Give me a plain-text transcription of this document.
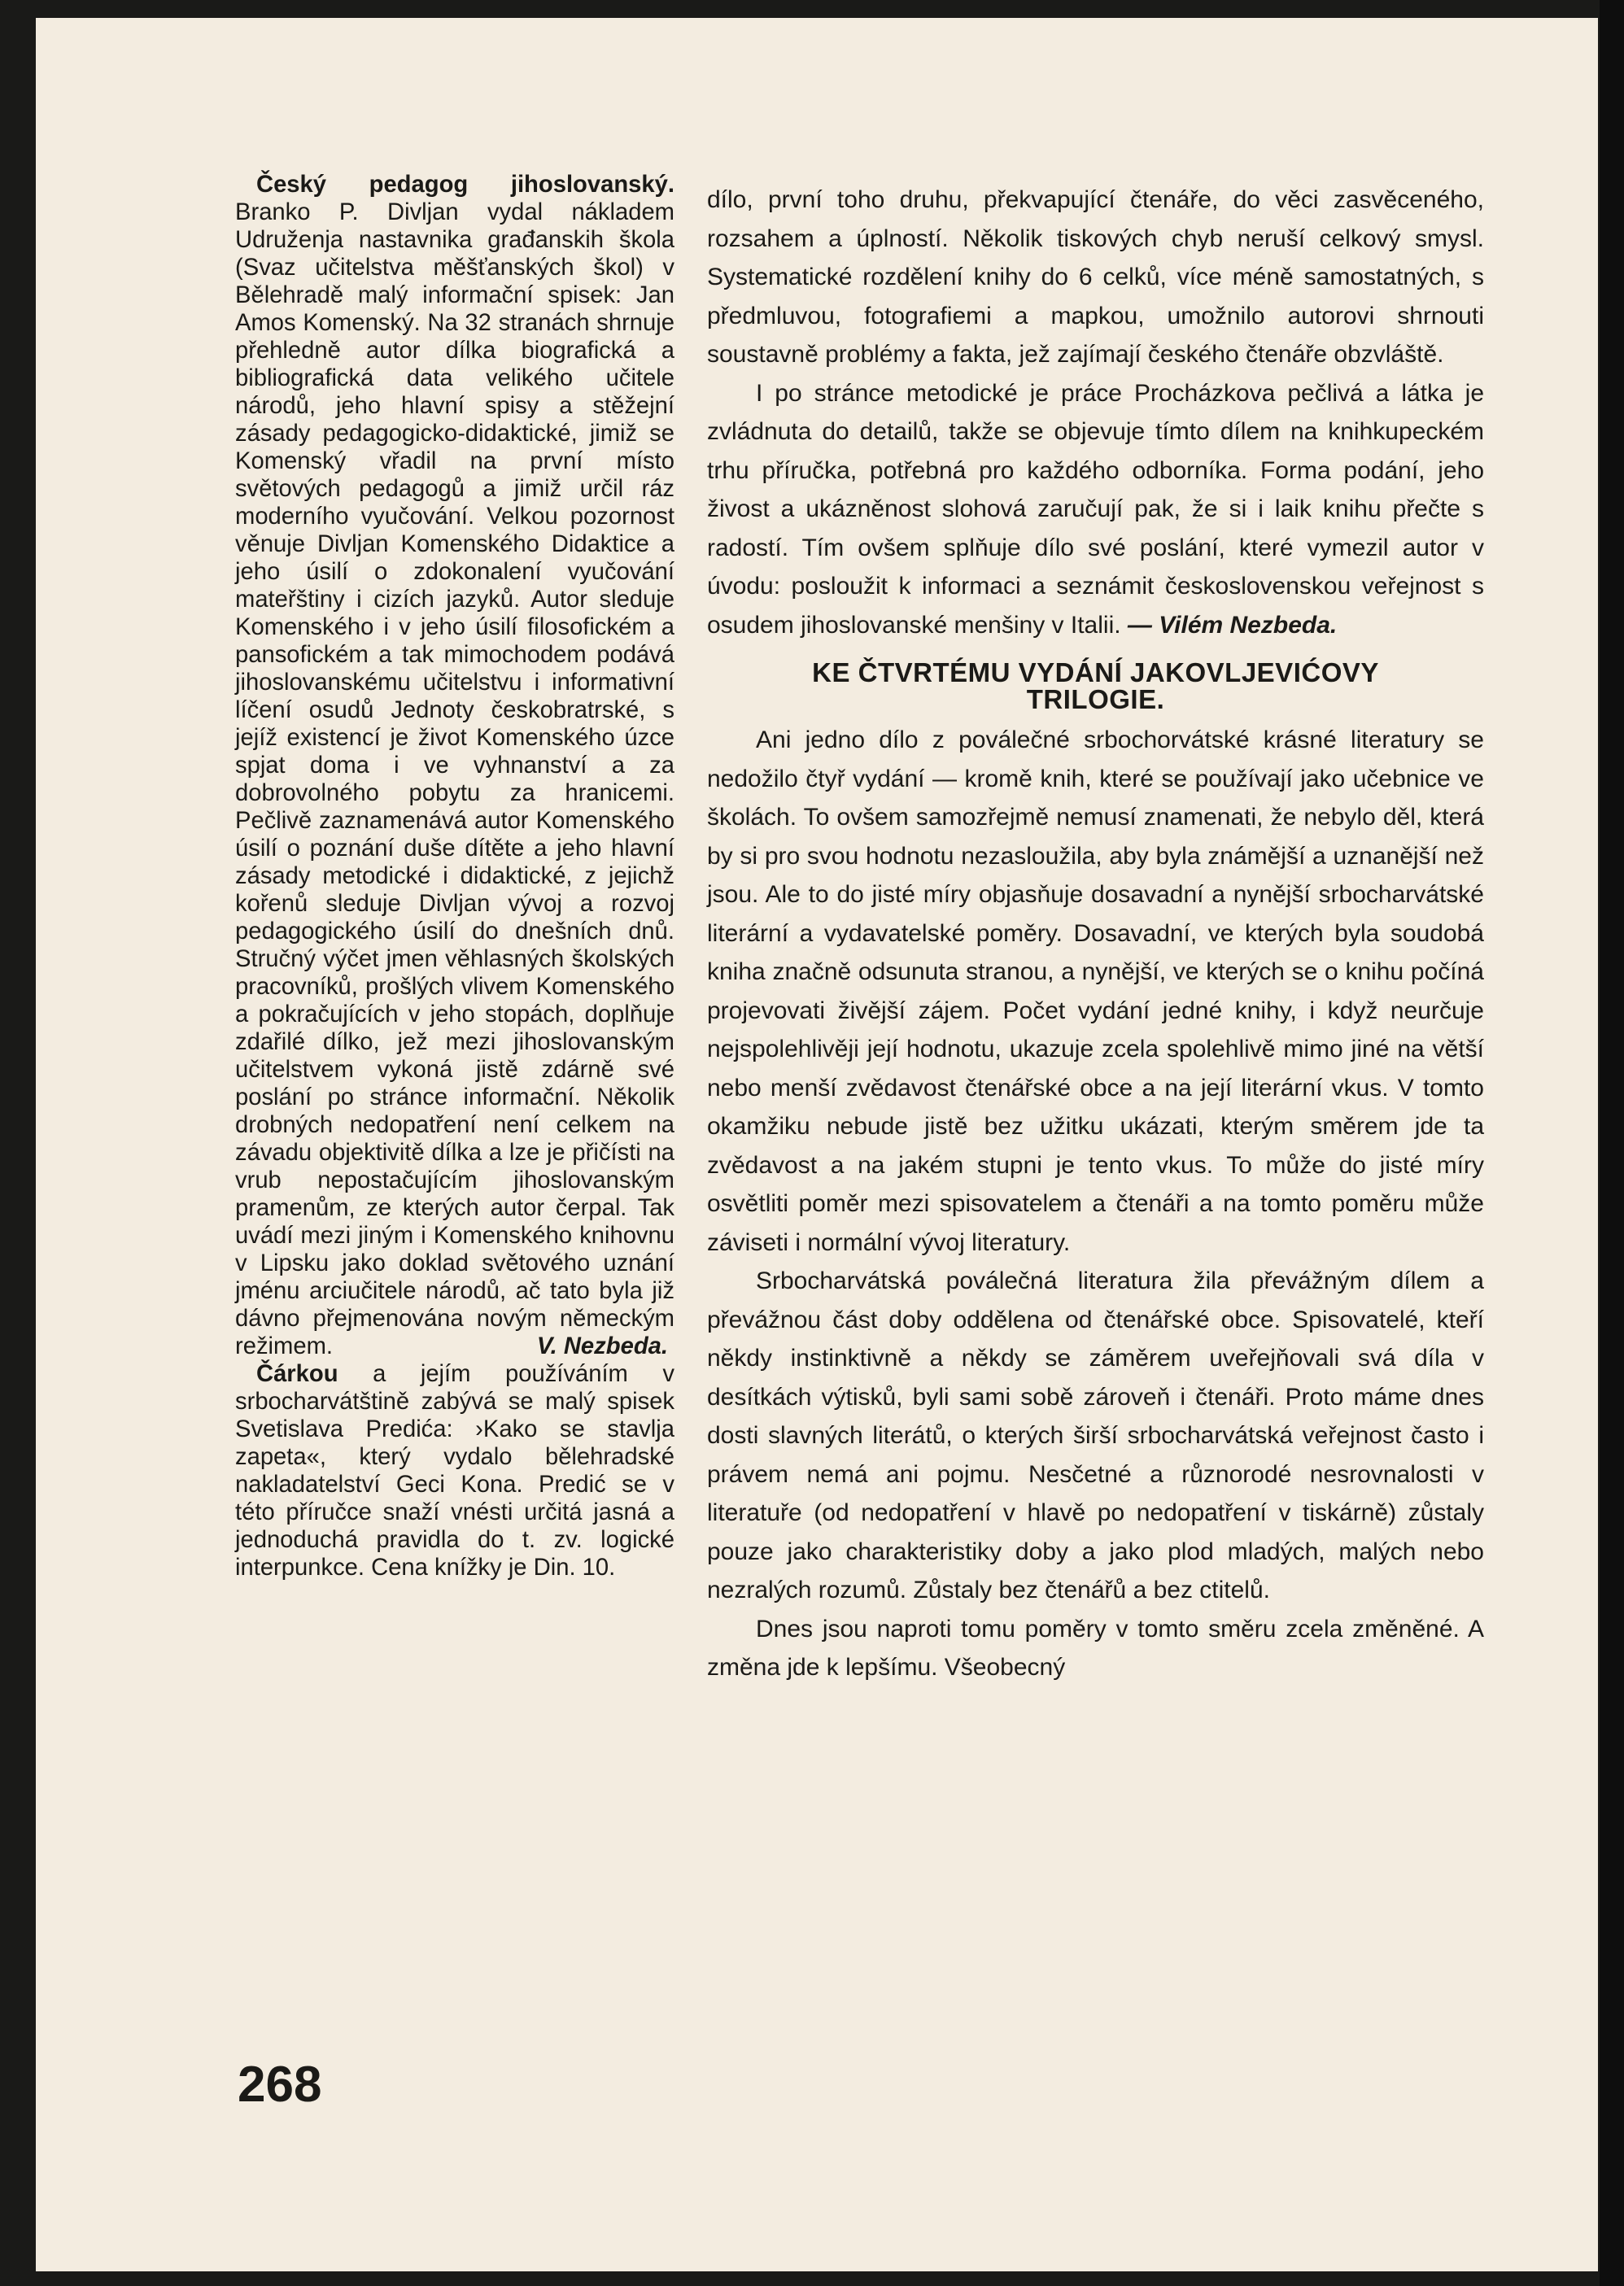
Český pedagog jihoslovanský. Branko P. Divljan vydal nákladem Udruženja nastavnika građanskih škola (Svaz učitelstva měšťanských škol) v Bělehradě malý informační spisek: Jan Amos Komenský. Na 32 stranách shrnuje přehledně autor dílka biografická a bibliografická data velikého učitele národů, jeho hlavní spisy a stěžejní zásady pedagogicko-didaktické, jimiž se Komenský vřadil na první místo světových pedagogů a jimiž určil ráz moderního vyučování. Velkou pozornost věnuje Divljan Komenského Didaktice a jeho úsilí o zdokonalení vyučování mateřštiny i cizích jazyků. Autor sleduje Komenského i v jeho úsilí filosofickém a pansofickém a tak mimochodem podává jihoslovanskému učitelstvu i informativní líčení osudů Jednoty českobratrské, s jejíž existencí je život Komenského úzce spjat doma i ve vyhnanství a za dobrovolného pobytu za hranicemi. Pečlivě zaznamenává autor Komenského úsilí o poznání duše dítěte a jeho hlavní zásady metodické i didaktické, z jejichž kořenů sleduje Divljan vývoj a rozvoj pedagogického úsilí do dnešních dnů. Stručný výčet jmen věhlasných školských pracovníků, prošlých vlivem Komenského a pokračujících v jeho stopách, doplňuje zdařilé dílko, jež mezi jihoslovanským učitelstvem vykoná jistě zdárně své poslání po stránce informační. Několik drobných nedopatření není celkem na závadu objektivitě dílka a lze je přičísti na vrub nepostačujícím jihoslovanským pramenům, ze kterých autor čerpal. Tak uvádí mezi jiným i Komenského knihovnu v Lipsku jako doklad světového uznání jménu arciučitele národů, ač tato byla již dávno přejmenována novým německým režimem.	V. Nezbeda.

Čárkou a jejím používáním v srbocharvátštině zabývá se malý spisek Svetislava Predića: ›Kako se stavlja zapeta«, který vydalo bělehradské nakladatelství Geci Kona. Predić se v této příručce snaží vnésti určitá jasná a jednoduchá pravidla do t. zv. logické interpunkce. Cena knížky je Din. 10.

dílo, první toho druhu, překvapující čtenáře, do věci zasvěceného, rozsahem a úplností. Několik tiskových chyb neruší celkový smysl. Systematické rozdělení knihy do 6 celků, více méně samostatných, s předmluvou, fotografiemi a mapkou, umožnilo autorovi shrnouti soustavně problémy a fakta, jež zajímají českého čtenáře obzvláště.

I po stránce metodické je práce Procházkova pečlivá a látka je zvládnuta do detailů, takže se objevuje tímto dílem na knihkupeckém trhu příručka, potřebná pro každého odborníka. Forma podání, jeho živost a ukázněnost slohová zaručují pak, že si i laik knihu přečte s radostí. Tím ovšem splňuje dílo své poslání, které vymezil autor v úvodu: posloužit k informaci a seznámit československou veřejnost s osudem jihoslovanské menšiny v Italii. — Vilém Nezbeda.

KE ČTVRTÉMU VYDÁNÍ JAKOVLJEVIĆOVY
TRILOGIE.

Ani jedno dílo z poválečné srbochorvátské krásné literatury se nedožilo čtyř vydání — kromě knih, které se používají jako učebnice ve školách. To ovšem samozřejmě nemusí znamenati, že nebylo děl, která by si pro svou hodnotu nezasloužila, aby byla známější a uznanější než jsou. Ale to do jisté míry objasňuje dosavadní a nynější srbocharvátské literární a vydavatelské poměry. Dosavadní, ve kterých byla soudobá kniha značně odsunuta stranou, a nynější, ve kterých se o knihu počíná projevovati živější zájem. Počet vydání jedné knihy, i když neurčuje nejspolehlivěji její hodnotu, ukazuje zcela spolehlivě mimo jiné na větší nebo menší zvědavost čtenářské obce a na její literární vkus. V tomto okamžiku nebude jistě bez užitku ukázati, kterým směrem jde ta zvědavost a na jakém stupni je tento vkus. To může do jisté míry osvětliti poměr mezi spisovatelem a čtenáři a na tomto poměru může záviseti i normální vývoj literatury.

Srbocharvátská poválečná literatura žila převážným dílem a převážnou část doby oddělena od čtenářské obce. Spisovatelé, kteří někdy instinktivně a někdy se záměrem uveřejňovali svá díla v desítkách výtisků, byli sami sobě zároveň i čtenáři. Proto máme dnes dosti slavných literátů, o kterých širší srbocharvátská veřejnost často i právem nemá ani pojmu. Nesčetné a různorodé nesrovnalosti v literatuře (od nedopatření v hlavě po nedopatření v tiskárně) zůstaly pouze jako charakteristiky doby a jako plod mladých, malých nebo nezralých rozumů. Zůstaly bez čtenářů a bez ctitelů.

Dnes jsou naproti tomu poměry v tomto směru zcela změněné. A změna jde k lepšímu. Všeobecný

268
